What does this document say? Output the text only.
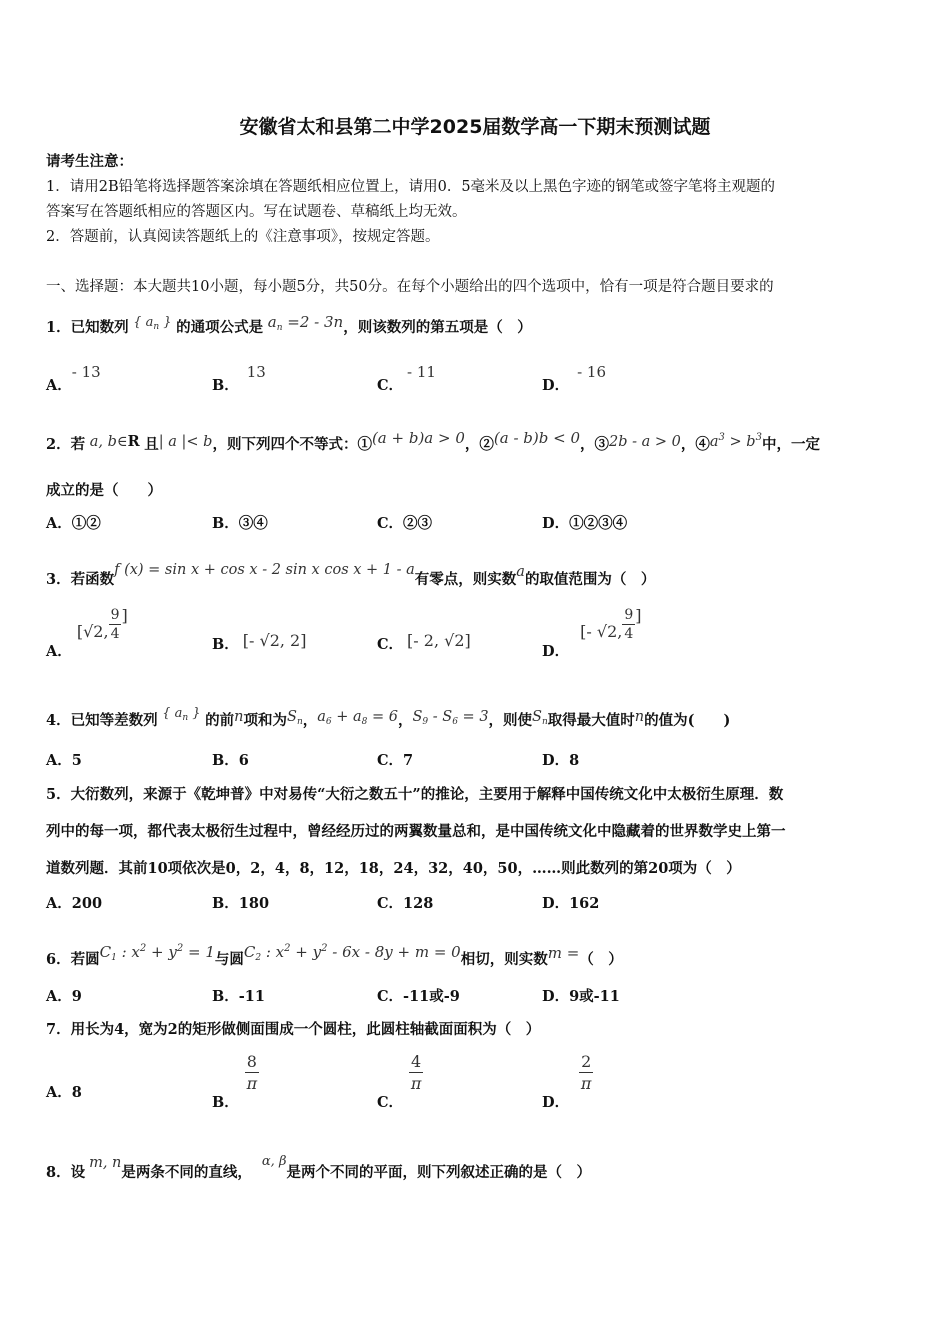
安徽省太和县第二中学2025届数学高一下期末预测试题
请考生注意：
1．请用2B铅笔将选择题答案涂填在答题纸相应位置上，请用0．5毫米及以上黑色字迹的钢笔或签字笔将主观题的
答案写在答题纸相应的答题区内。写在试题卷、草稿纸上均无效。
2．答题前，认真阅读答题纸上的《注意事项》，按规定答题。
一、选择题：本大题共10小题，每小题5分，共50分。在每个小题给出的四个选项中，恰有一项是符合题目要求的
1．已知数列 { $a_n$ } 的通项公式是 $a_n =2 - 3n$，则该数列的第五项是（　）
A．- 13
B．13
C．- 11
D．- 16
2．若 a, b∈R 且| a |< b，则下列四个不等式：①(a + b)a > 0，②(a - b)b < 0，③2b - a > 0，$④a^3 > b^3$中，一定
成立的是（　　）
A．①②	B．③④	C．②③	D．①②③④
3．若函数f (x) = sin x + cos x - 2 sin x cos x + 1 - a有零点，则实数a的取值范围为（　）
A． [√2, $\frac{9}{4}$ ]
B． [- √2, 2]	C． [- 2, √2]
D． [- √2, $\frac{9}{4}$ ]
4．已知等差数列 { $a_n$ } 的前n项和为$S_n$，$a_6 + a_8 = 6$，$S_9 - S_6 = 3$，则使$S_n$取得最大值时n的值为(　　)
A．5	B．6	C．7	D．8
5．大衍数列，来源于《乾坤普》中对易传“大衍之数五十”的推论，主要用于解释中国传统文化中太极衍生原理．数
列中的每一项，都代表太极衍生过程中，曾经经历过的两翼数量总和，是中国传统文化中隐藏着的世界数学史上第一
道数列题．其前10项依次是0，2，4，8，12，18，24，32，40，50，……则此数列的第20项为（　）
A．200	B．180	C．128	D．162
6．若圆$C_1$ : $x^2 + y^2 = 1$与圆$C_2$ : $x^2 + y^2 - 6x - 8y + m = 0$相切，则实数m =（　）
A．9	B．-11	C．-11或-9	D．9或-11
7．用长为4，宽为2的矩形做侧面围成一个圆柱，此圆柱轴截面面积为（　）
A．8
B．
$\frac{8}{\pi}$
C．
$\frac{4}{\pi}$
D．
$\frac{2}{\pi}$
8．设m, n是两条不同的直线，α, β是两个不同的平面，则下列叙述正确的是（　）
